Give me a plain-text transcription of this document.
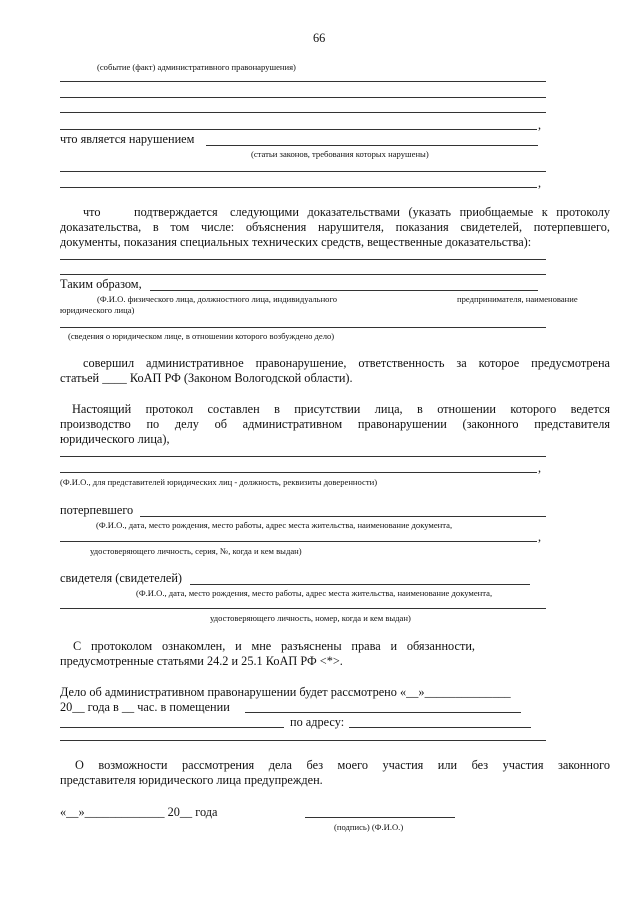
66
(событие (факт) административного правонарушения)
,
что является нарушением
(статьи законов, требования которых нарушены)
,
что	подтверждается следующими доказательствами (указать приобщаемые к протоколу
доказательства, в том числе: объяснения нарушителя, показания свидетелей, потерпевшего,
документы, показания специальных технических средств, вещественные доказательства):
Таким образом,
(Ф.И.О. физического лица, должностного лица, индивидуального	предпринимателя, наименование
юридического лица)
(сведения о юридическом лице, в отношении которого возбуждено дело)
совершил административное правонарушение, ответственность за которое предусмотрена
статьей ____ КоАП РФ (Законом Вологодской области).
Настоящий протокол составлен в присутствии лица, в отношении которого ведется
производство по делу об административном правонарушении (законного представителя
юридического лица),
,
(Ф.И.О., для представителей юридических лиц - должность, реквизиты доверенности)
потерпевшего
(Ф.И.О., дата, место рождения, место работы, адрес места жительства, наименование документа,
,
удостоверяющего личность, серия, №, когда и кем выдан)
свидетеля (свидетелей)
(Ф.И.О., дата, место рождения, место работы, адрес места жительства, наименование документа,
удостоверяющего личность, номер, когда и кем выдан)
С протоколом ознакомлен, и мне разъяснены права и обязанности,
предусмотренные статьями 24.2 и 25.1 КоАП РФ <*>.
Дело об административном правонарушении будет рассмотрено «__»______________
20__ года в __ час. в помещении
по адресу:
О возможности рассмотрения дела без моего участия или без участия законного
представителя юридического лица предупрежден.
«__»_____________ 20__ года
(подпись) (Ф.И.О.)
